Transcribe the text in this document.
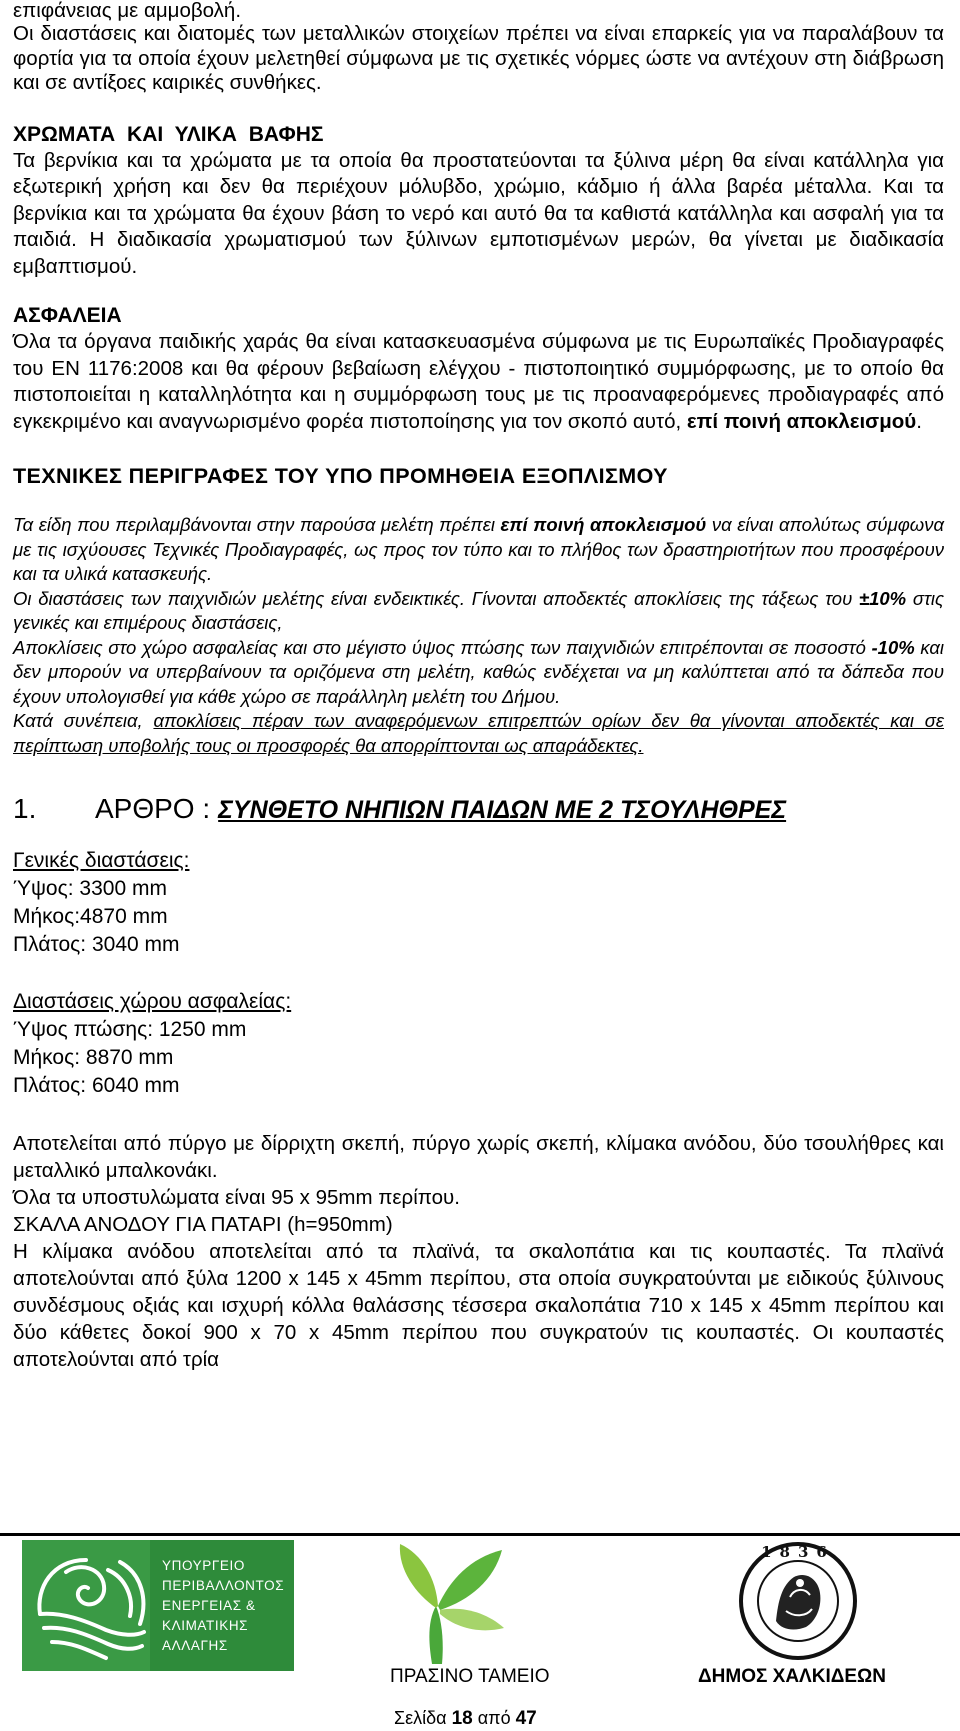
επιφάνειας με αμμοβολή.

Οι διαστάσεις και διατομές των μεταλλικών στοιχείων πρέπει να είναι επαρκείς για να παραλάβουν τα φορτία για τα οποία έχουν μελετηθεί σύμφωνα με τις σχετικές νόρμες ώστε να αντέχουν στη διάβρωση και σε αντίξοες καιρικές συνθήκες.

ΧΡΩΜΑΤΑ ΚΑΙ ΥΛΙΚΑ ΒΑΦΗΣ

Τα βερνίκια και τα χρώματα με τα οποία θα προστατεύονται τα ξύλινα μέρη θα είναι κατάλληλα για εξωτερική χρήση και δεν θα περιέχουν μόλυβδο, χρώμιο, κάδμιο ή άλλα βαρέα μέταλλα. Και τα βερνίκια και τα χρώματα θα έχουν βάση το νερό και αυτό θα τα καθιστά κατάλληλα και ασφαλή για τα παιδιά. Η διαδικασία χρωματισμού των ξύλινων εμποτισμένων μερών, θα γίνεται με διαδικασία εμβαπτισμού.

ΑΣΦΑΛΕΙΑ

Όλα τα όργανα παιδικής χαράς θα είναι κατασκευασμένα σύμφωνα με τις Ευρωπαϊκές Προδιαγραφές του EN 1176:2008 και θα φέρουν βεβαίωση ελέγχου - πιστοποιητικό συμμόρφωσης, με το οποίο θα πιστοποιείται η καταλληλότητα και η συμμόρφωση τους με τις προαναφερόμενες προδιαγραφές από εγκεκριμένο και αναγνωρισμένο φορέα πιστοποίησης για τον σκοπό αυτό, επί ποινή αποκλεισμού.

ΤΕΧΝΙΚΕΣ ΠΕΡΙΓΡΑΦΕΣ ΤΟΥ ΥΠΟ ΠΡΟΜΗΘΕΙΑ ΕΞΟΠΛΙΣΜΟΥ

Τα είδη που περιλαμβάνονται στην παρούσα μελέτη πρέπει επί ποινή αποκλεισμού να είναι απολύτως σύμφωνα με τις ισχύουσες Τεχνικές Προδιαγραφές, ως προς τον τύπο και το πλήθος των δραστηριοτήτων που προσφέρουν και τα υλικά κατασκευής.

Οι διαστάσεις των παιχνιδιών μελέτης είναι ενδεικτικές. Γίνονται αποδεκτές αποκλίσεις της τάξεως του ±10% στις γενικές και επιμέρους διαστάσεις,

Αποκλίσεις στο χώρο ασφαλείας και στο μέγιστο ύψος πτώσης των παιχνιδιών επιτρέπονται σε ποσοστό -10% και δεν μπορούν να υπερβαίνουν τα οριζόμενα στη μελέτη, καθώς ενδέχεται να μη καλύπτεται από τα δάπεδα που έχουν υπολογισθεί για κάθε χώρο σε παράλληλη μελέτη του Δήμου.

Κατά συνέπεια, αποκλίσεις πέραν των αναφερόμενων επιτρεπτών ορίων δεν θα γίνονται αποδεκτές και σε περίπτωση υποβολής τους οι προσφορές θα απορρίπτονται ως απαράδεκτες.

1.	ΑΡΘΡΟ : ΣΥΝΘΕΤΟ ΝΗΠΙΩΝ ΠΑΙΔΩΝ ΜΕ 2 ΤΣΟΥΛΗΘΡΕΣ

Γενικές διαστάσεις:

Ύψος: 3300 mm

Μήκος:4870 mm

Πλάτος: 3040 mm

Διαστάσεις χώρου ασφαλείας:

Ύψος πτώσης: 1250 mm

Μήκος: 8870 mm

Πλάτος: 6040 mm

Αποτελείται από πύργο με δίρριχτη σκεπή, πύργο χωρίς σκεπή, κλίμακα ανόδου, δύο τσουλήθρες και μεταλλικό μπαλκονάκι.

Όλα τα υποστυλώματα είναι 95 x 95mm περίπου.

ΣΚΑΛΑ ΑΝΟΔΟΥ ΓΙΑ ΠΑΤΑΡΙ (h=950mm)

Η κλίμακα ανόδου αποτελείται από τα πλαϊνά, τα σκαλοπάτια και τις κουπαστές. Τα πλαϊνά αποτελούνται από ξύλα 1200 x 145 x 45mm περίπου, στα οποία συγκρατούνται με ειδικούς ξύλινους συνδέσμους οξιάς και ισχυρή κόλλα θαλάσσης τέσσερα σκαλοπάτια 710 x 145 x 45mm περίπου και δύο κάθετες δοκοί 900 x 70 x 45mm περίπου που συγκρατούν τις κουπαστές. Οι κουπαστές αποτελούνται από τρία

ΥΠΟΥΡΓΕΙΟ
ΠΕΡΙΒΑΛΛΟΝΤΟΣ
ΕΝΕΡΓΕΙΑΣ &
ΚΛΙΜΑΤΙΚΗΣ
ΑΛΛΑΓΗΣ
ΠΡΑΣΙΝΟ ΤΑΜΕΙΟ
1836
ΔΗΜΟΣ ΧΑΛΚΙΔΕΩΝ
Σελίδα 18 από 47
